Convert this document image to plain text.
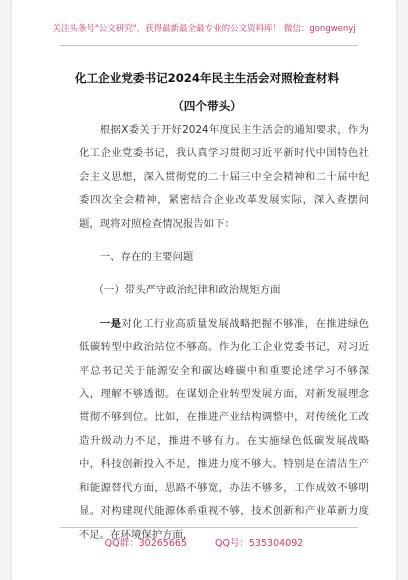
关注头条号"公文研究"，获得最新最全最专业的公文资料库！ 微信：gongwenyj
化工企业党委书记2024年民主生活会对照检查材料（四个带头）

根据X委关于开好2024年度民主生活会的通知要求，作为化工企业党委书记，我认真学习贯彻习近平新时代中国特色社会主义思想，深入贯彻党的二十届三中全会精神和二十届中纪委四次全会精神，紧密结合企业改革发展实际，深入查摆问题，现将对照检查情况报告如下：

一、存在的主要问题

（一）带头严守政治纪律和政治规矩方面

一是对化工行业高质量发展战略把握不够准，在推进绿色低碳转型中政治站位不够高。作为化工企业党委书记，对习近平总书记关于能源安全和碳达峰碳中和重要论述学习不够深入，理解不够透彻。在谋划企业转型发展方面，对新发展理念贯彻不够到位。比如，在推进产业结构调整中，对传统化工改造升级动力不足，推进不够有力。在实施绿色低碳发展战略中，科技创新投入不足，推进力度不够大。特别是在清洁生产和能源替代方面，思路不够宽，办法不够多，工作成效不够明显。对构建现代能源体系重视不够，技术创新和产业革新力度不足。在环境保护方面，

QQ群：30265665	QQ号：535304092
